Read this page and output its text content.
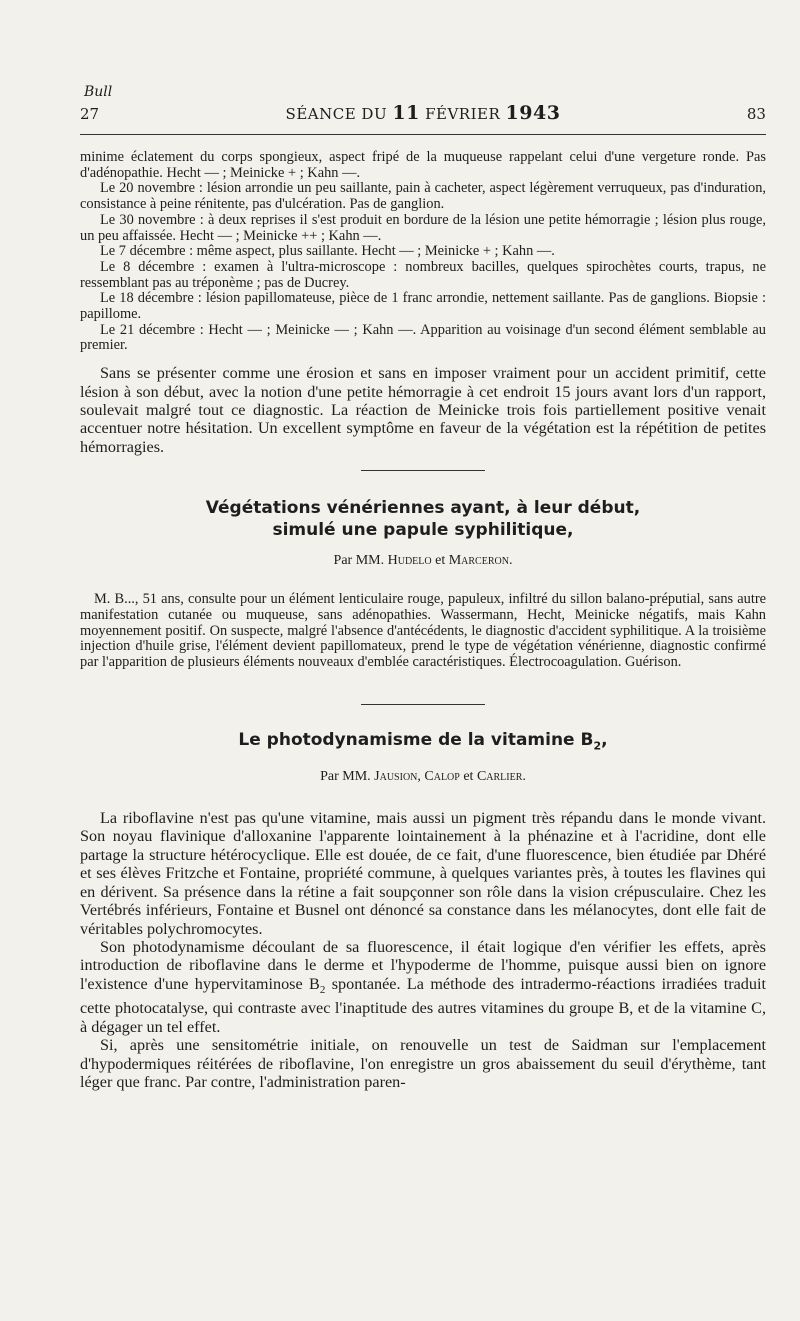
Bull
27	SÉANCE DU 11 FÉVRIER 1943	83

minime éclatement du corps spongieux, aspect fripé de la muqueuse rappelant celui d'une vergeture ronde. Pas d'adénopathie. Hecht — ; Meinicke + ; Kahn —.

Le 20 novembre : lésion arrondie un peu saillante, pain à cacheter, aspect légèrement verruqueux, pas d'induration, consistance à peine rénitente, pas d'ulcération. Pas de ganglion.

Le 30 novembre : à deux reprises il s'est produit en bordure de la lésion une petite hémorragie ; lésion plus rouge, un peu affaissée. Hecht — ; Meinicke ++ ; Kahn —.

Le 7 décembre : même aspect, plus saillante. Hecht — ; Meinicke + ; Kahn —.

Le 8 décembre : examen à l'ultra-microscope : nombreux bacilles, quelques spirochètes courts, trapus, ne ressemblant pas au tréponème ; pas de Ducrey.

Le 18 décembre : lésion papillomateuse, pièce de 1 franc arrondie, nettement saillante. Pas de ganglions. Biopsie : papillome.

Le 21 décembre : Hecht — ; Meinicke — ; Kahn —. Apparition au voisinage d'un second élément semblable au premier.

Sans se présenter comme une érosion et sans en imposer vraiment pour un accident primitif, cette lésion à son début, avec la notion d'une petite hémorragie à cet endroit 15 jours avant lors d'un rapport, soulevait malgré tout ce diagnostic. La réaction de Meinicke trois fois partiellement positive venait accentuer notre hésitation. Un excellent symptôme en faveur de la végétation est la répétition de petites hémorragies.

Végétations vénériennes ayant, à leur début,
simulé une papule syphilitique,
Par MM. Hudelo et Marceron.

M. B..., 51 ans, consulte pour un élément lenticulaire rouge, papuleux, infiltré du sillon balano-préputial, sans autre manifestation cutanée ou muqueuse, sans adénopathies. Wassermann, Hecht, Meinicke négatifs, mais Kahn moyennement positif. On suspecte, malgré l'absence d'antécédents, le diagnostic d'accident syphilitique. A la troisième injection d'huile grise, l'élément devient papillomateux, prend le type de végétation vénérienne, diagnostic confirmé par l'apparition de plusieurs éléments nouveaux d'emblée caractéristiques. Électrocoagulation. Guérison.

Le photodynamisme de la vitamine $B_2$,
Par MM. Jausion, Calop et Carlier.

La riboflavine n'est pas qu'une vitamine, mais aussi un pigment très répandu dans le monde vivant. Son noyau flavinique d'alloxanine l'apparente lointainement à la phénazine et à l'acridine, dont elle partage la structure hétérocyclique. Elle est douée, de ce fait, d'une fluorescence, bien étudiée par Dhéré et ses élèves Fritzche et Fontaine, propriété commune, à quelques variantes près, à toutes les flavines qui en dérivent. Sa présence dans la rétine a fait soupçonner son rôle dans la vision crépusculaire. Chez les Vertébrés inférieurs, Fontaine et Busnel ont dénoncé sa constance dans les mélanocytes, dont elle fait de véritables polychromocytes.

Son photodynamisme découlant de sa fluorescence, il était logique d'en vérifier les effets, après introduction de riboflavine dans le derme et l'hypoderme de l'homme, puisque aussi bien on ignore l'existence d'une hypervitaminose $B_2$ spontanée. La méthode des intradermo-réactions irradiées traduit cette photocatalyse, qui contraste avec l'inaptitude des autres vitamines du groupe B, et de la vitamine C, à dégager un tel effet.

Si, après une sensitométrie initiale, on renouvelle un test de Saidman sur l'emplacement d'hypodermiques réitérées de riboflavine, l'on enregistre un gros abaissement du seuil d'érythème, tant léger que franc. Par contre, l'administration paren-
